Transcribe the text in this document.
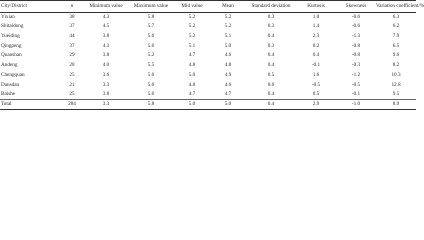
City/District	n	Minimum value	Maximum value	Mid value	Mean	Standard deviation	Kurtosis	Skewness	Variation coefficient/%
Yixian	38	4.3	5.8	5.2	5.2	0.3	1.0	-0.6	6.3
Shitaidong	37	4.5	5.7	5.2	5.2	0.3	1.4	-0.6	6.2
Yueiding	44	3.8	5.6	5.2	5.1	0.4	2.3	-1.3	7.9
Qingpeng	37	4.3	5.6	5.1	5.0	0.3	0.2	-0.8	6.5
Quanshan	29	3.8	5.2	4.7	4.6	0.4	0.4	-0.8	9.6
Andeng	28	4.0	5.5	4.8	4.8	0.4	-0.1	-0.3	8.2
Chengquan	25	3.6	5.6	5.0	4.9	0.5	1.6	-1.2	10.3
Dansdan	21	3.3	5.6	4.8	4.6	0.6	-0.5	-0.5	12.8
Baishe	25	3.8	5.6	4.7	4.7	0.4	0.5	-0.1	9.5
Total	284	3.3	5.8	5.0	5.0	0.4	2.9	-1.0	8.9
